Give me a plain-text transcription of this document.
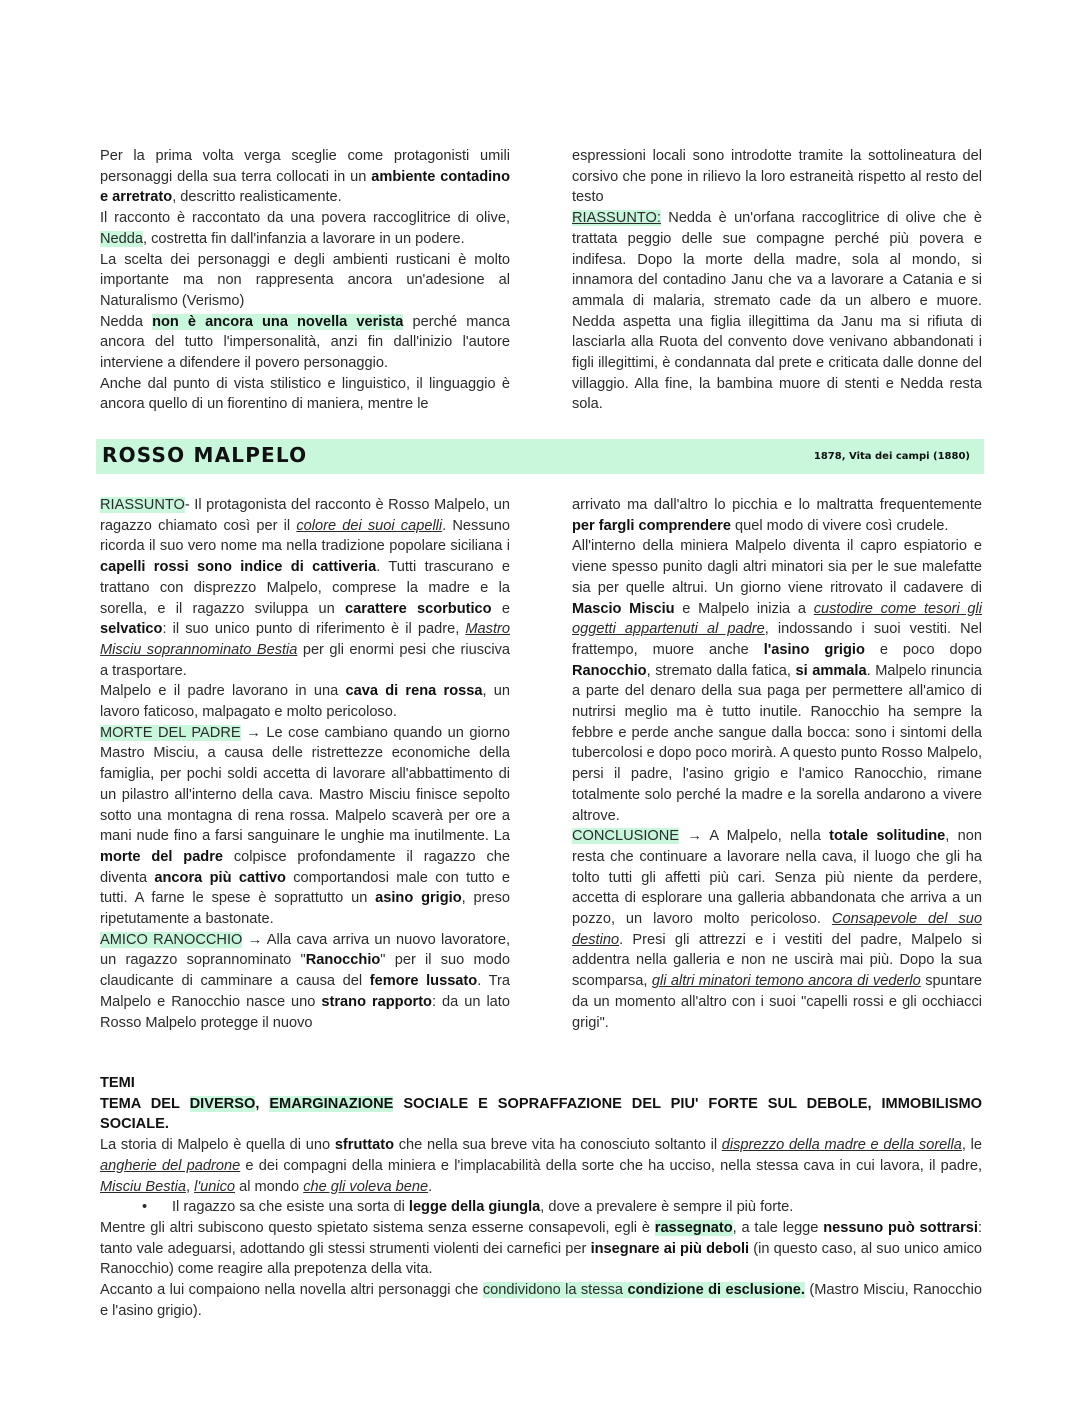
Per la prima volta verga sceglie come protagonisti umili personaggi della sua terra collocati in un ambiente contadino e arretrato, descritto realisticamente.

Il racconto è raccontato da una povera raccoglitrice di olive, Nedda, costretta fin dall'infanzia a lavorare in un podere.

La scelta dei personaggi e degli ambienti rusticani è molto importante ma non rappresenta ancora un'adesione al Naturalismo (Verismo)

Nedda non è ancora una novella verista perché manca ancora del tutto l'impersonalità, anzi fin dall'inizio l'autore interviene a difendere il povero personaggio.

Anche dal punto di vista stilistico e linguistico, il linguaggio è ancora quello di un fiorentino di maniera, mentre le

espressioni locali sono introdotte tramite la sottolineatura del corsivo che pone in rilievo la loro estraneità rispetto al resto del testo

RIASSUNTO: Nedda è un'orfana raccoglitrice di olive che è trattata peggio delle sue compagne perché più povera e indifesa. Dopo la morte della madre, sola al mondo, si innamora del contadino Janu che va a lavorare a Catania e si ammala di malaria, stremato cade da un albero e muore. Nedda aspetta una figlia illegittima da Janu ma si rifiuta di lasciarla alla Ruota del convento dove venivano abbandonati i figli illegittimi, è condannata dal prete e criticata dalle donne del villaggio. Alla fine, la bambina muore di stenti e Nedda resta sola.

ROSSO MALPELO	1878, Vita dei campi (1880)

RIASSUNTO- Il protagonista del racconto è Rosso Malpelo, un ragazzo chiamato così per il colore dei suoi capelli. Nessuno ricorda il suo vero nome ma nella tradizione popolare siciliana i capelli rossi sono indice di cattiveria. Tutti trascurano e trattano con disprezzo Malpelo, comprese la madre e la sorella, e il ragazzo sviluppa un carattere scorbutico e selvatico: il suo unico punto di riferimento è il padre, Mastro Misciu soprannominato Bestia per gli enormi pesi che riusciva a trasportare.

Malpelo e il padre lavorano in una cava di rena rossa, un lavoro faticoso, malpagato e molto pericoloso.

MORTE DEL PADRE → Le cose cambiano quando un giorno Mastro Misciu, a causa delle ristrettezze economiche della famiglia, per pochi soldi accetta di lavorare all'abbattimento di un pilastro all'interno della cava. Mastro Misciu finisce sepolto sotto una montagna di rena rossa. Malpelo scaverà per ore a mani nude fino a farsi sanguinare le unghie ma inutilmente. La morte del padre colpisce profondamente il ragazzo che diventa ancora più cattivo comportandosi male con tutto e tutti. A farne le spese è soprattutto un asino grigio, preso ripetutamente a bastonate.

AMICO RANOCCHIO → Alla cava arriva un nuovo lavoratore, un ragazzo soprannominato "Ranocchio" per il suo modo claudicante di camminare a causa del femore lussato. Tra Malpelo e Ranocchio nasce uno strano rapporto: da un lato Rosso Malpelo protegge il nuovo

arrivato ma dall'altro lo picchia e lo maltratta frequentemente per fargli comprendere quel modo di vivere così crudele.

All'interno della miniera Malpelo diventa il capro espiatorio e viene spesso punito dagli altri minatori sia per le sue malefatte sia per quelle altrui. Un giorno viene ritrovato il cadavere di Mascio Misciu e Malpelo inizia a custodire come tesori gli oggetti appartenuti al padre, indossando i suoi vestiti. Nel frattempo, muore anche l'asino grigio e poco dopo Ranocchio, stremato dalla fatica, si ammala. Malpelo rinuncia a parte del denaro della sua paga per permettere all'amico di nutrirsi meglio ma è tutto inutile. Ranocchio ha sempre la febbre e perde anche sangue dalla bocca: sono i sintomi della tubercolosi e dopo poco morirà. A questo punto Rosso Malpelo, persi il padre, l'asino grigio e l'amico Ranocchio, rimane totalmente solo perché la madre e la sorella andarono a vivere altrove.

CONCLUSIONE → A Malpelo, nella totale solitudine, non resta che continuare a lavorare nella cava, il luogo che gli ha tolto tutti gli affetti più cari. Senza più niente da perdere, accetta di esplorare una galleria abbandonata che arriva a un pozzo, un lavoro molto pericoloso. Consapevole del suo destino. Presi gli attrezzi e i vestiti del padre, Malpelo si addentra nella galleria e non ne uscirà mai più. Dopo la sua scomparsa, gli altri minatori temono ancora di vederlo spuntare da un momento all'altro con i suoi "capelli rossi e gli occhiacci grigi".

TEMI

TEMA DEL DIVERSO, EMARGINAZIONE SOCIALE E SOPRAFFAZIONE DEL PIU' FORTE SUL DEBOLE, IMMOBILISMO SOCIALE.

La storia di Malpelo è quella di uno sfruttato che nella sua breve vita ha conosciuto soltanto il disprezzo della madre e della sorella, le angherie del padrone e dei compagni della miniera e l'implacabilità della sorte che ha ucciso, nella stessa cava in cui lavora, il padre, Misciu Bestia, l'unico al mondo che gli voleva bene.

• Il ragazzo sa che esiste una sorta di legge della giungla, dove a prevalere è sempre il più forte.

Mentre gli altri subiscono questo spietato sistema senza esserne consapevoli, egli è rassegnato, a tale legge nessuno può sottrarsi: tanto vale adeguarsi, adottando gli stessi strumenti violenti dei carnefici per insegnare ai più deboli (in questo caso, al suo unico amico Ranocchio) come reagire alla prepotenza della vita.

Accanto a lui compaiono nella novella altri personaggi che condividono la stessa condizione di esclusione. (Mastro Misciu, Ranocchio e l'asino grigio).
